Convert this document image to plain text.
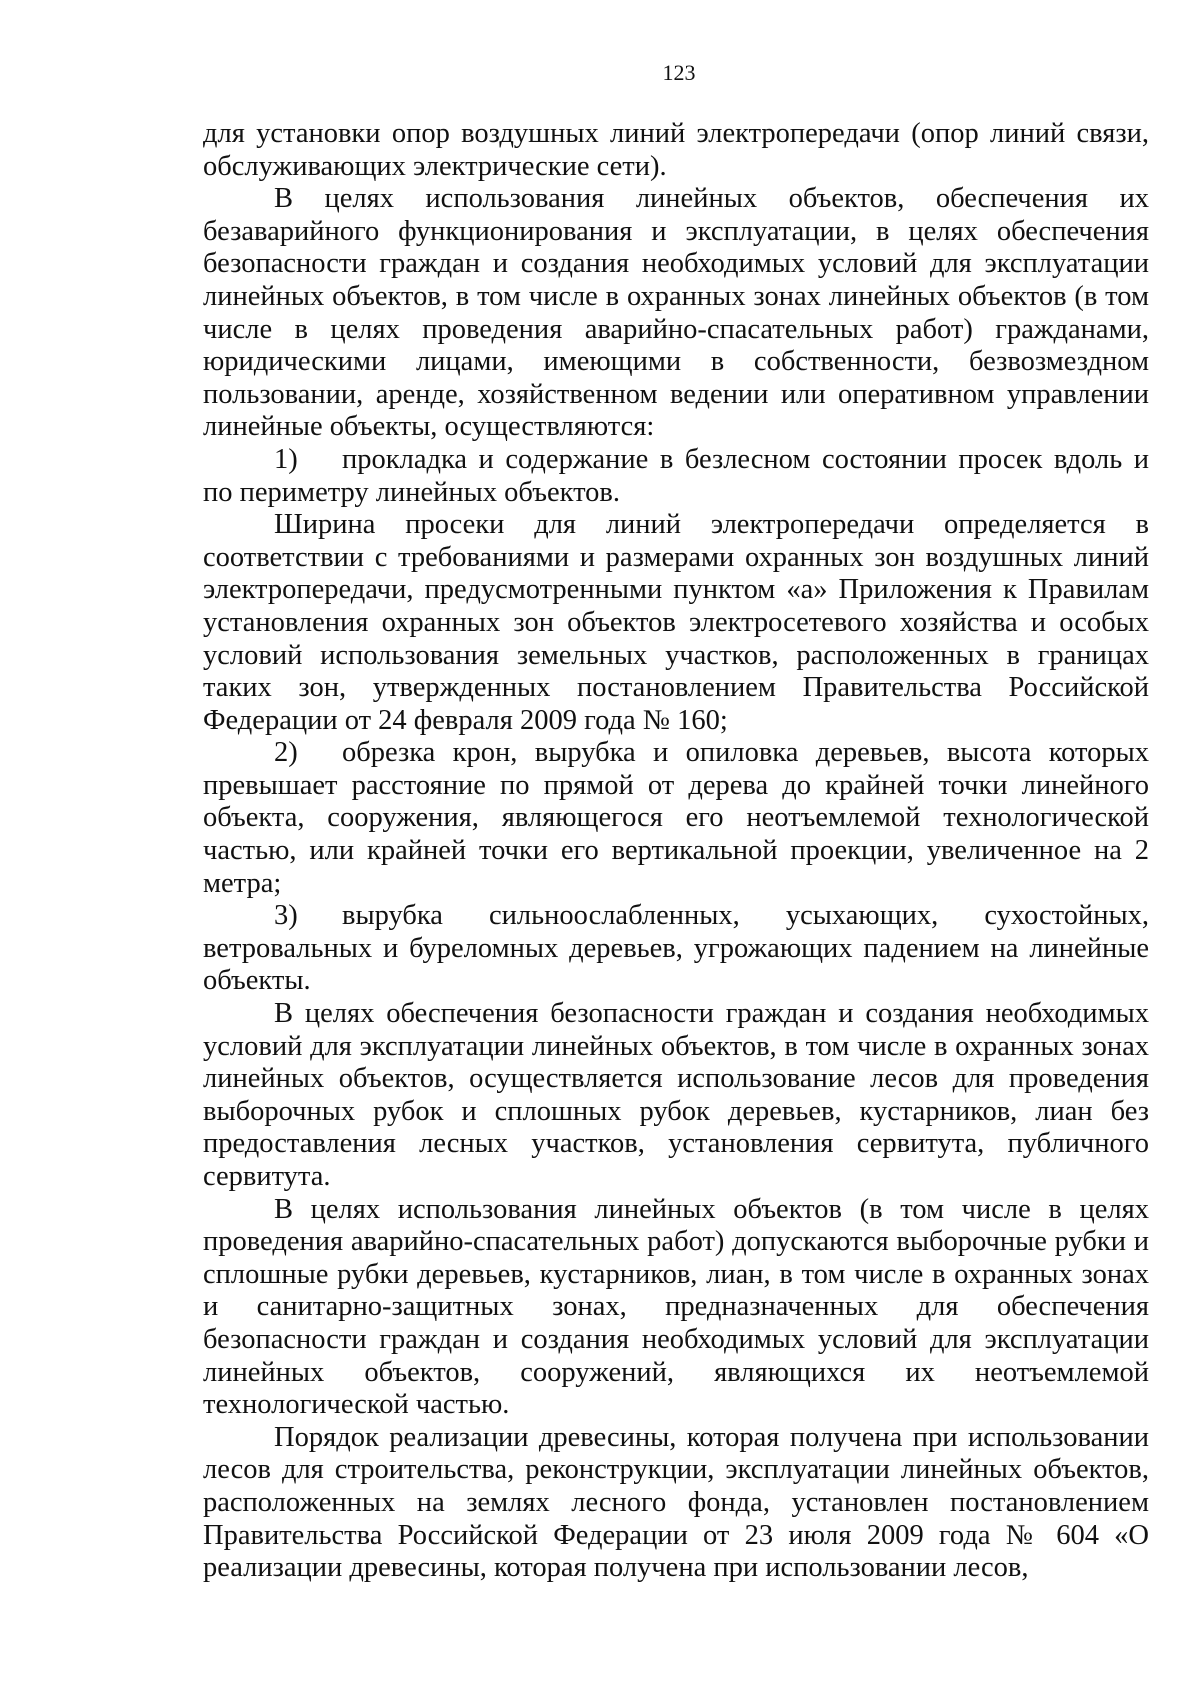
123

для установки опор воздушных линий электропередачи (опор линий связи, обслуживающих электрические сети).

В целях использования линейных объектов, обеспечения их безаварийного функционирования и эксплуатации, в целях обеспечения безопасности граждан и создания необходимых условий для эксплуатации линейных объектов, в том числе в охранных зонах линейных объектов (в том числе в целях проведения аварийно-спасательных работ) гражданами, юридическими лицами, имеющими в собственности, безвозмездном пользовании, аренде, хозяйственном ведении или оперативном управлении линейные объекты, осуществляются:

1) прокладка и содержание в безлесном состоянии просек вдоль и по периметру линейных объектов.

Ширина просеки для линий электропередачи определяется в соответствии с требованиями и размерами охранных зон воздушных линий электропередачи, предусмотренными пунктом «а» Приложения к Правилам установления охранных зон объектов электросетевого хозяйства и особых условий использования земельных участков, расположенных в границах таких зон, утвержденных постановлением Правительства Российской Федерации от 24 февраля 2009 года № 160;

2) обрезка крон, вырубка и опиловка деревьев, высота которых превышает расстояние по прямой от дерева до крайней точки линейного объекта, сооружения, являющегося его неотъемлемой технологической частью, или крайней точки его вертикальной проекции, увеличенное на 2 метра;

3) вырубка сильноослабленных, усыхающих, сухостойных, ветровальных и буреломных деревьев, угрожающих падением на линейные объекты.

В целях обеспечения безопасности граждан и создания необходимых условий для эксплуатации линейных объектов, в том числе в охранных зонах линейных объектов, осуществляется использование лесов для проведения выборочных рубок и сплошных рубок деревьев, кустарников, лиан без предоставления лесных участков, установления сервитута, публичного сервитута.

В целях использования линейных объектов (в том числе в целях проведения аварийно-спасательных работ) допускаются выборочные рубки и сплошные рубки деревьев, кустарников, лиан, в том числе в охранных зонах и санитарно-защитных зонах, предназначенных для обеспечения безопасности граждан и создания необходимых условий для эксплуатации линейных объектов, сооружений, являющихся их неотъемлемой технологической частью.

Порядок реализации древесины, которая получена при использовании лесов для строительства, реконструкции, эксплуатации линейных объектов, расположенных на землях лесного фонда, установлен постановлением Правительства Российской Федерации от 23 июля 2009 года № 604 «О реализации древесины, которая получена при использовании лесов,
